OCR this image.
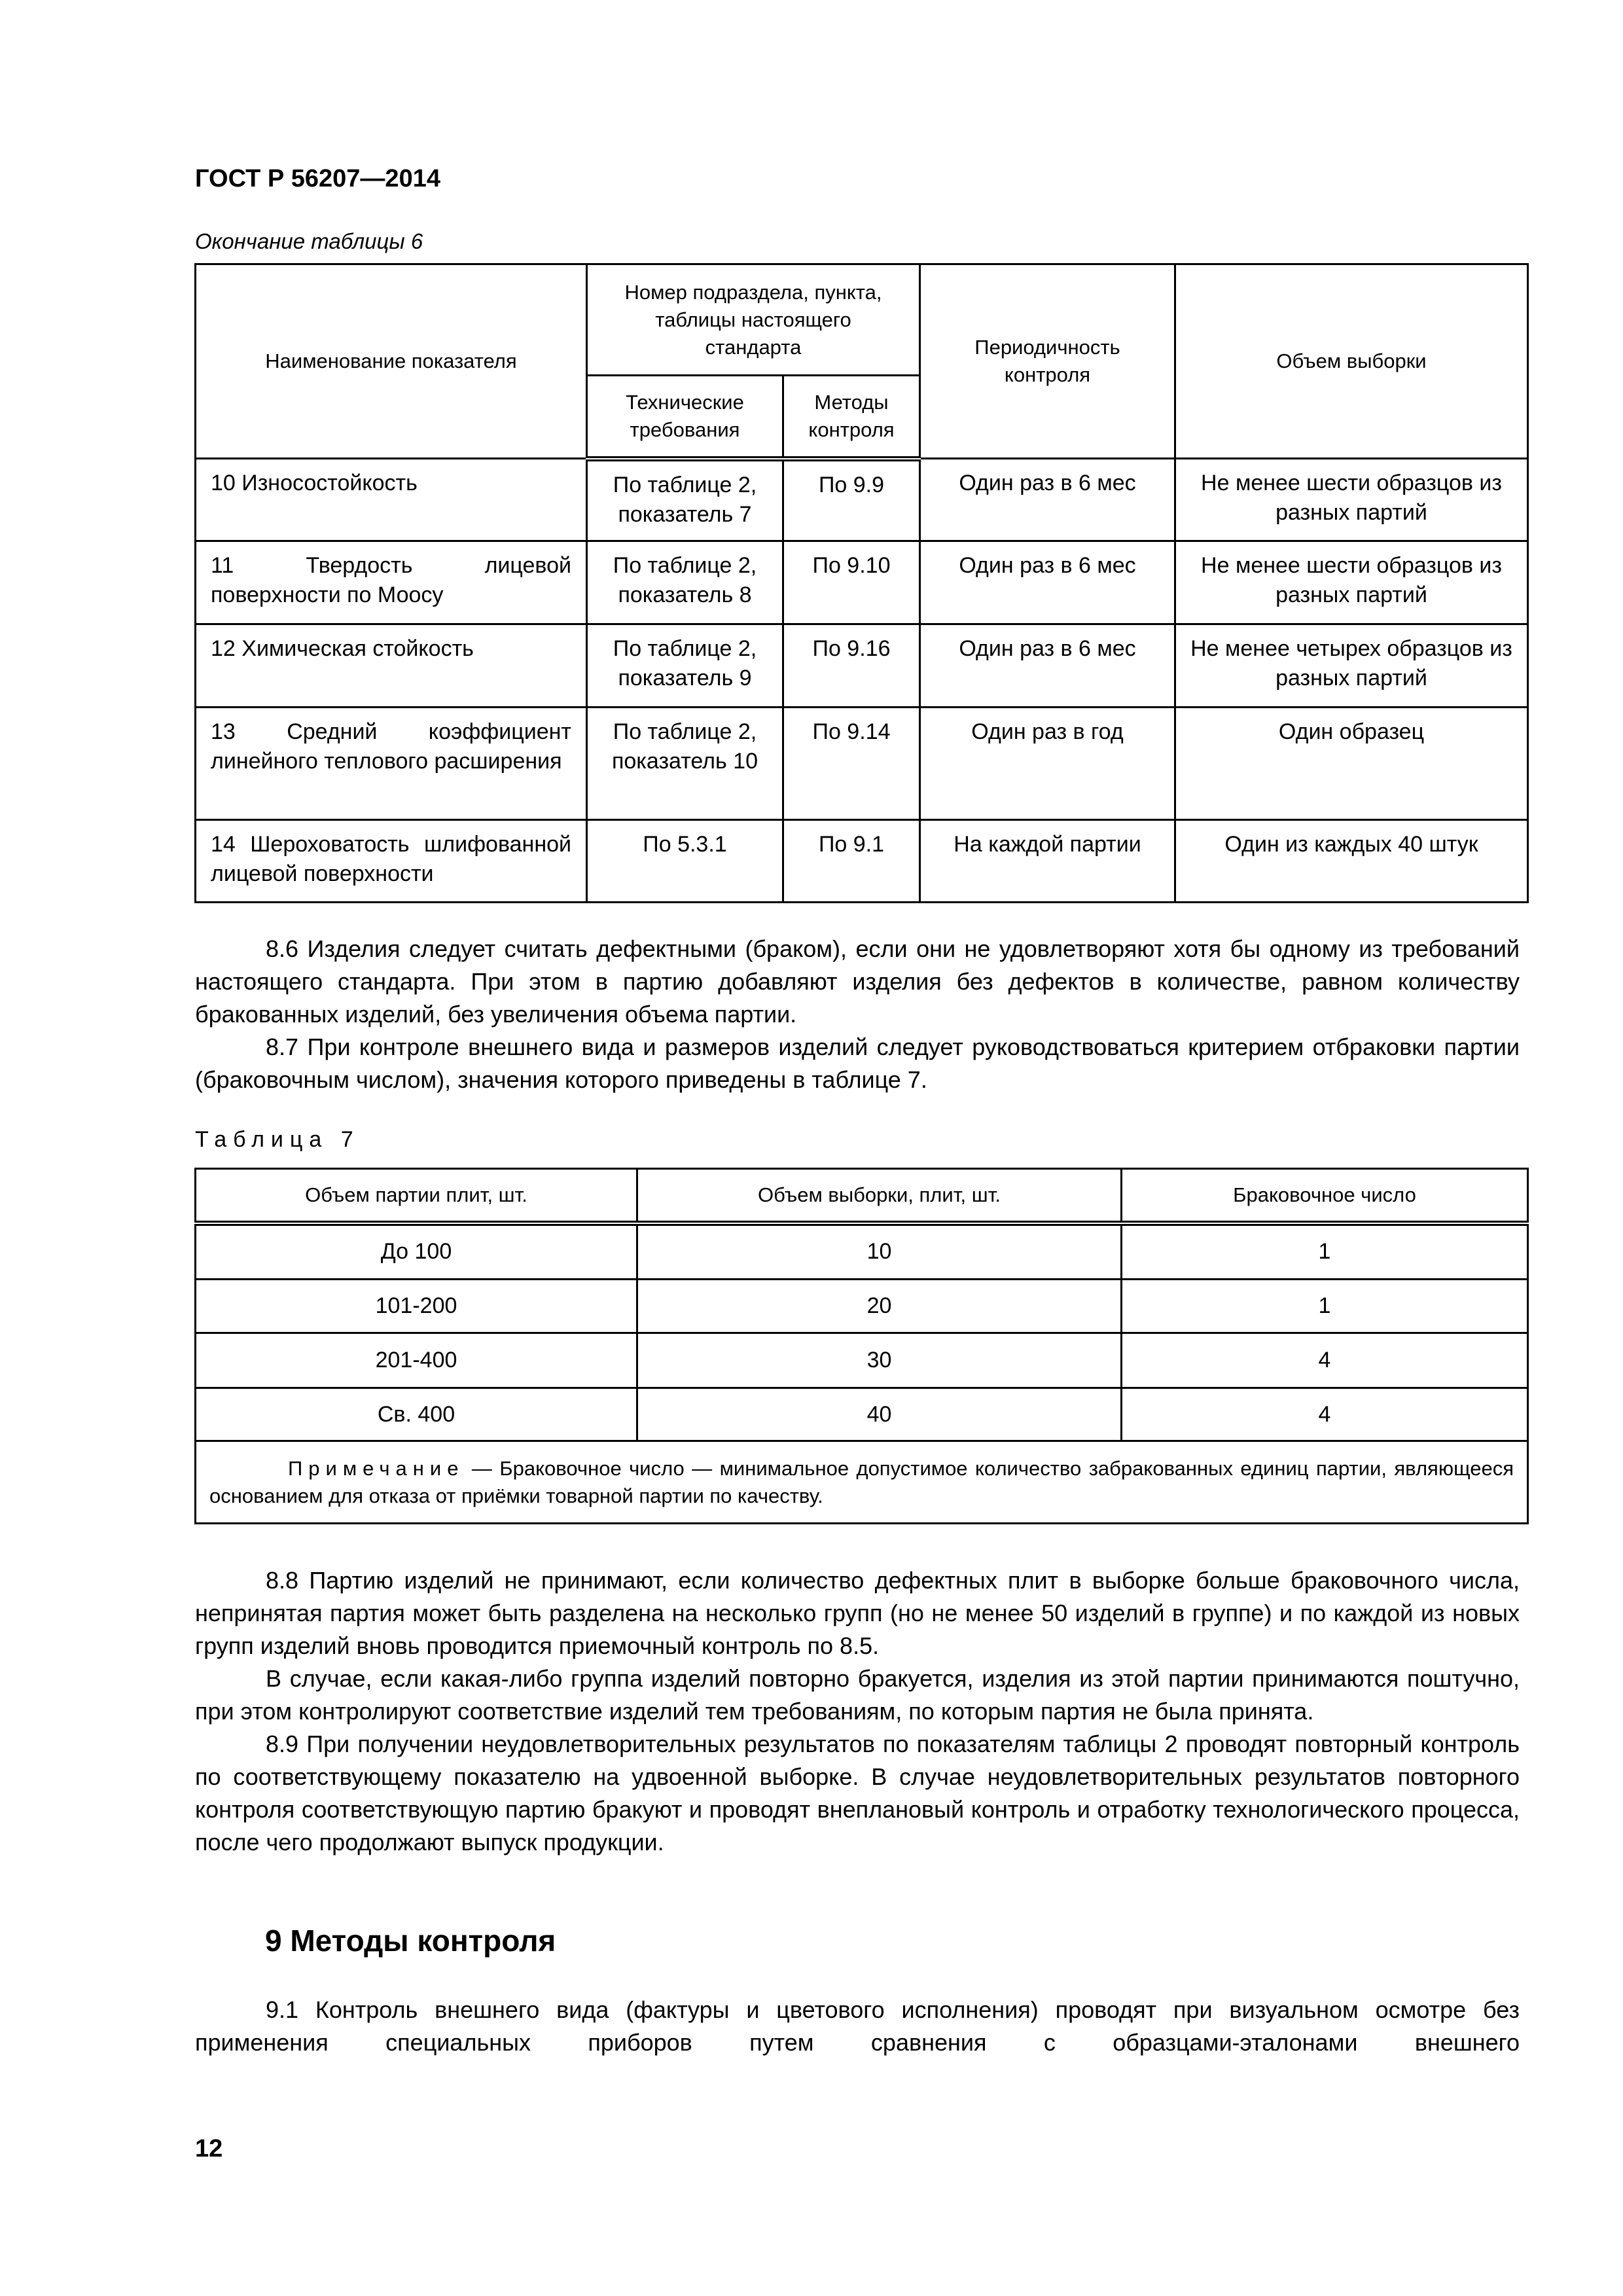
ГОСТ Р 56207—2014
Окончание таблицы 6
Наименование показателя	Номер подраздела, пункта, таблицы настоящего стандарта		Периодичность контроля	Объем выборки
	Технические требования	Методы контроля		
10 Износостойкость	По таблице 2, показатель 7	По 9.9	Один раз в 6 мес	Не менее шести образцов из разных партий
11 Твердость лицевой поверхности по Моосу	По таблице 2, показатель 8	По 9.10	Один раз в 6 мес	Не менее шести образцов из разных партий
12 Химическая стойкость	По таблице 2, показатель 9	По 9.16	Один раз в 6 мес	Не менее четырех образцов из разных партий
13 Средний коэффициент линейного теплового расширения	По таблице 2, показатель 10	По 9.14	Один раз в год	Один образец
14 Шероховатость шлифованной лицевой поверхности	По 5.3.1	По 9.1	На каждой партии	Один из каждых 40 штук

8.6 Изделия следует считать дефектными (браком), если они не удовлетворяют хотя бы одному из требований настоящего стандарта. При этом в партию добавляют изделия без дефектов в количестве, равном количеству бракованных изделий, без увеличения объема партии.

8.7 При контроле внешнего вида и размеров изделий следует руководствоваться критерием отбраковки партии (браковочным числом), значения которого приведены в таблице 7.

Таблица 7
Объем партии плит, шт.	Объем выборки, плит, шт.	Браковочное число
До 100	10	1
101-200	20	1
201-400	30	4
Св. 400	40	4
Примечание — Браковочное число — минимальное допустимое количество забракованных единиц партии, являющееся основанием для отказа от приёмки товарной партии по качеству.		

8.8 Партию изделий не принимают, если количество дефектных плит в выборке больше браковочного числа, непринятая партия может быть разделена на несколько групп (но не менее 50 изделий в группе) и по каждой из новых групп изделий вновь проводится приемочный контроль по 8.5.

В случае, если какая-либо группа изделий повторно бракуется, изделия из этой партии принимаются поштучно, при этом контролируют соответствие изделий тем требованиям, по которым партия не была принята.

8.9 При получении неудовлетворительных результатов по показателям таблицы 2 проводят повторный контроль по соответствующему показателю на удвоенной выборке. В случае неудовлетворительных результатов повторного контроля соответствующую партию бракуют и проводят внеплановый контроль и отработку технологического процесса, после чего продолжают выпуск продукции.

9 Методы контроля

9.1 Контроль внешнего вида (фактуры и цветового исполнения) проводят при визуальном осмотре без применения специальных приборов путем сравнения с образцами-эталонами внешнего

12
